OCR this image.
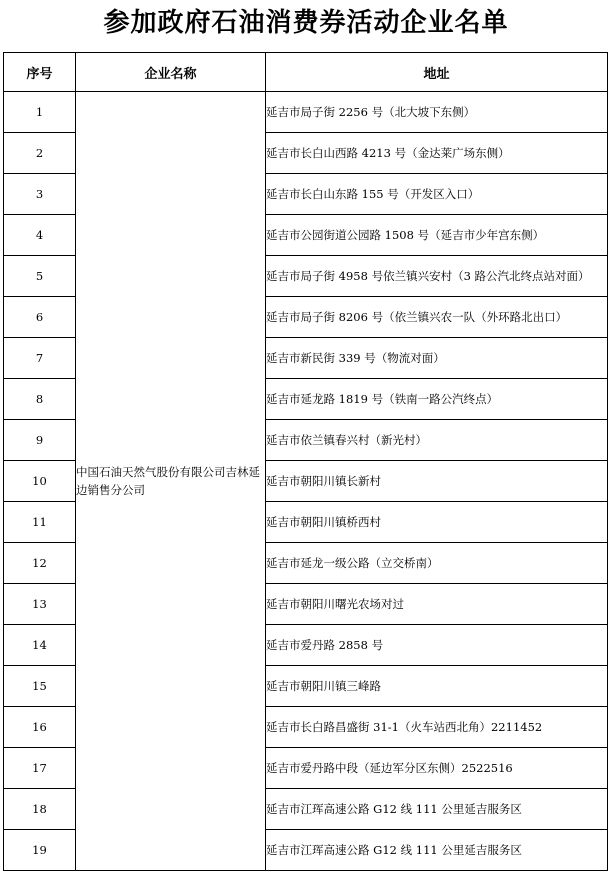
参加政府石油消费券活动企业名单
序号	企业名称	地址
1	中国石油天然气股份有限公司吉林延边销售分公司	延吉市局子街 2256 号（北大坡下东侧）
2		延吉市长白山西路 4213 号（金达莱广场东侧）
3		延吉市长白山东路 155 号（开发区入口）
4		延吉市公园街道公园路 1508 号（延吉市少年宫东侧）
5		延吉市局子街 4958 号依兰镇兴安村（3 路公汽北终点站对面）
6		延吉市局子街 8206 号（依兰镇兴农一队（外环路北出口）
7		延吉市新民街 339 号（物流对面）
8		延吉市延龙路 1819 号（铁南一路公汽终点）
9		延吉市依兰镇春兴村（新光村）
10		延吉市朝阳川镇长新村
11		延吉市朝阳川镇桥西村
12		延吉市延龙一级公路（立交桥南）
13		延吉市朝阳川曙光农场对过
14		延吉市爱丹路 2858 号
15		延吉市朝阳川镇三峰路
16		延吉市长白路昌盛街 31-1（火车站西北角）2211452
17		延吉市爱丹路中段（延边军分区东侧）2522516
18		延吉市江珲高速公路 G12 线 111 公里延吉服务区
19		延吉市江珲高速公路 G12 线 111 公里延吉服务区
